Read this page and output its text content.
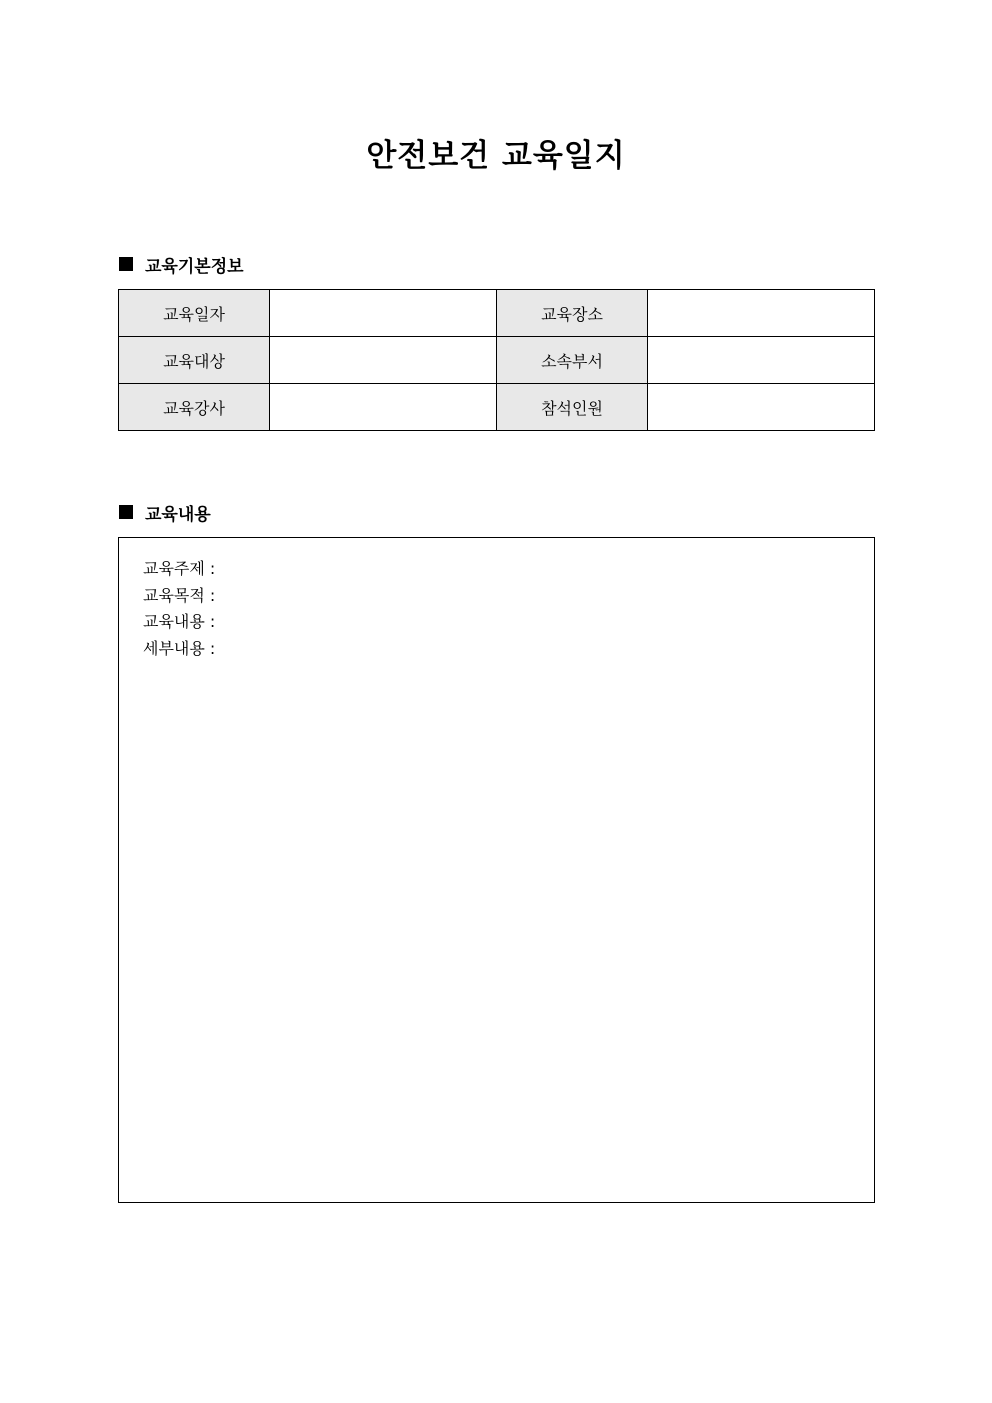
안전보건 교육일지
교육기본정보
교육일자		교육장소	
교육대상		소속부서	
교육강사		참석인원	
교육내용
교육주제 :
교육목적 :
교육내용 :
세부내용 :
